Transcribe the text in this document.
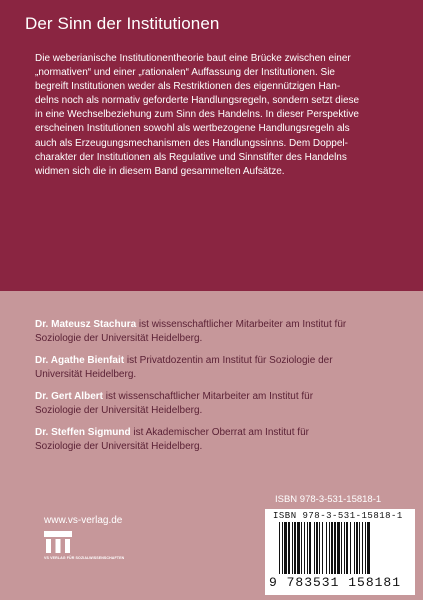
Der Sinn der Institutionen
Die weberianische Institutionentheorie baut eine Brücke zwischen einer
„normativen“ und einer „rationalen“ Auffassung der Institutionen. Sie
begreift Institutionen weder als Restriktionen des eigennützigen Han-
delns noch als normativ geforderte Handlungsregeln, sondern setzt diese
in eine Wechselbeziehung zum Sinn des Handelns. In dieser Perspektive
erscheinen Institutionen sowohl als wertbezogene Handlungsregeln als
auch als Erzeugungsmechanismen des Handlungssinns. Dem Doppel-
charakter der Institutionen als Regulative und Sinnstifter des Handelns
widmen sich die in diesem Band gesammelten Aufsätze.
Dr. Mateusz Stachura ist wissenschaftlicher Mitarbeiter am Institut für
Soziologie der Universität Heidelberg.
Dr. Agathe Bienfait ist Privatdozentin am Institut für Soziologie der
Universität Heidelberg.
Dr. Gert Albert ist wissenschaftlicher Mitarbeiter am Institut für
Soziologie der Universität Heidelberg.
Dr. Steffen Sigmund ist Akademischer Oberrat am Institut für
Soziologie der Universität Heidelberg.
www.vs-verlag.de
VS VERLAG FÜR SOZIALWISSENSCHAFTEN
ISBN 978-3-531-15818-1
ISBN 978-3-531-15818-1
9 783531 158181
